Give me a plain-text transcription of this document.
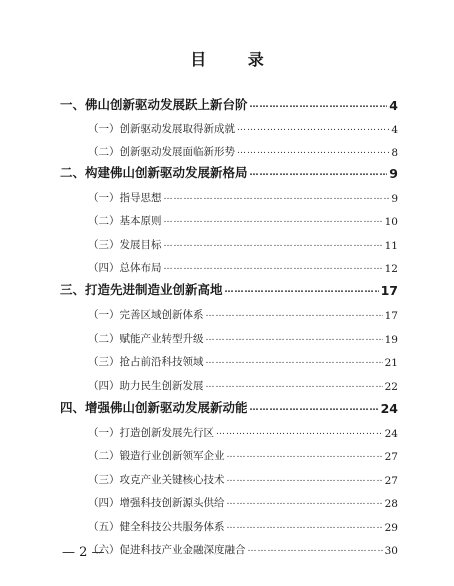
目 录
一、佛山创新驱动发展跃上新台阶 …………………………………………………………………………………………………………………………………………	4
（一）创新驱动发展取得新成就 …………………………………………………………………………………………………………………………………………	4
（二）创新驱动发展面临新形势 …………………………………………………………………………………………………………………………………………	8
二、构建佛山创新驱动发展新格局 …………………………………………………………………………………………………………………………………………	9
（一）指导思想 …………………………………………………………………………………………………………………………………………	9
（二）基本原则 …………………………………………………………………………………………………………………………………………	10
（三）发展目标 …………………………………………………………………………………………………………………………………………	11
（四）总体布局 …………………………………………………………………………………………………………………………………………	12
三、打造先进制造业创新高地 …………………………………………………………………………………………………………………………………………	17
（一）完善区域创新体系 …………………………………………………………………………………………………………………………………………	17
（二）赋能产业转型升级 …………………………………………………………………………………………………………………………………………	19
（三）抢占前沿科技领域 …………………………………………………………………………………………………………………………………………	21
（四）助力民生创新发展 …………………………………………………………………………………………………………………………………………	22
四、增强佛山创新驱动发展新动能 …………………………………………………………………………………………………………………………………………	24
（一）打造创新发展先行区 …………………………………………………………………………………………………………………………………………	24
（二）锻造行业创新领军企业 …………………………………………………………………………………………………………………………………………	27
（三）攻克产业关键核心技术 …………………………………………………………………………………………………………………………………………	27
（四）增强科技创新源头供给 …………………………………………………………………………………………………………………………………………	28
（五）健全科技公共服务体系 …………………………………………………………………………………………………………………………………………	29
（六）促进科技产业金融深度融合 …………………………………………………………………………………………………………………………………………	30
— 2 —
